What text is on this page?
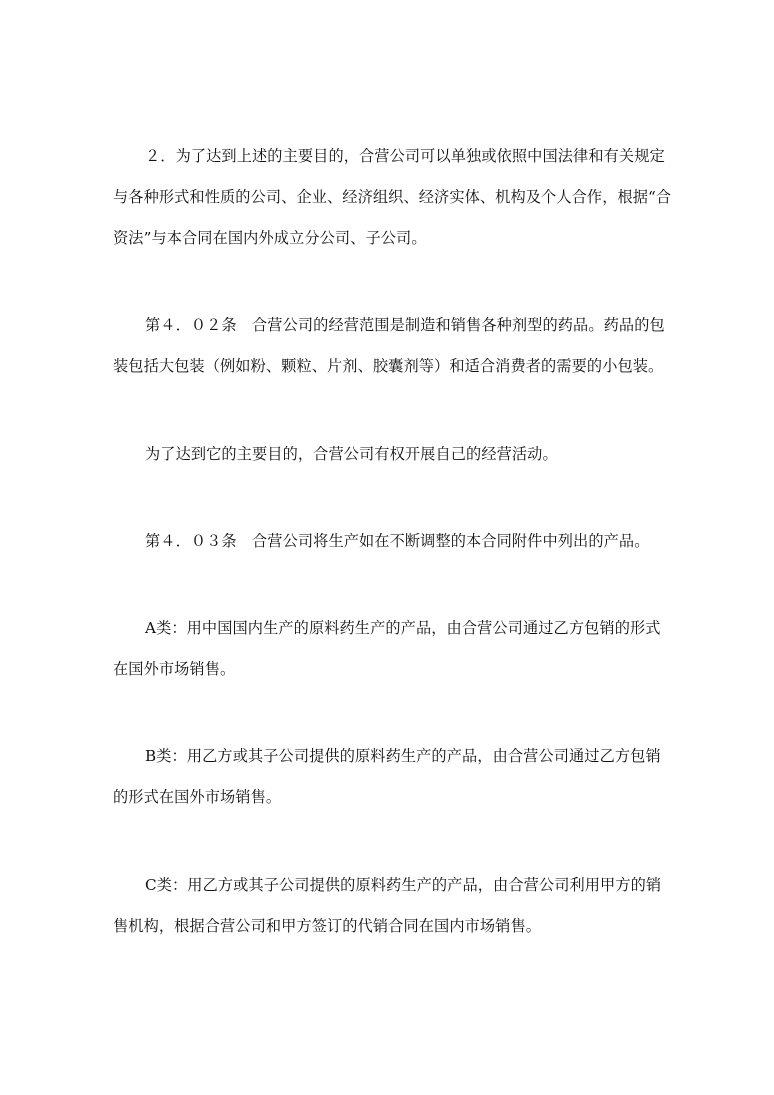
２．为了达到上述的主要目的，合营公司可以单独或依照中国法律和有关规定
与各种形式和性质的公司、企业、经济组织、经济实体、机构及个人合作，根据“合
资法”与本合同在国内外成立分公司、子公司。
第４．０２条　合营公司的经营范围是制造和销售各种剂型的药品。药品的包
装包括大包装（例如粉、颗粒、片剂、胶囊剂等）和适合消费者的需要的小包装。
为了达到它的主要目的，合营公司有权开展自己的经营活动。
第４．０３条　合营公司将生产如在不断调整的本合同附件中列出的产品。
A类：用中国国内生产的原料药生产的产品，由合营公司通过乙方包销的形式
在国外市场销售。
B类：用乙方或其子公司提供的原料药生产的产品，由合营公司通过乙方包销
的形式在国外市场销售。
C类：用乙方或其子公司提供的原料药生产的产品，由合营公司利用甲方的销
售机构，根据合营公司和甲方签订的代销合同在国内市场销售。
